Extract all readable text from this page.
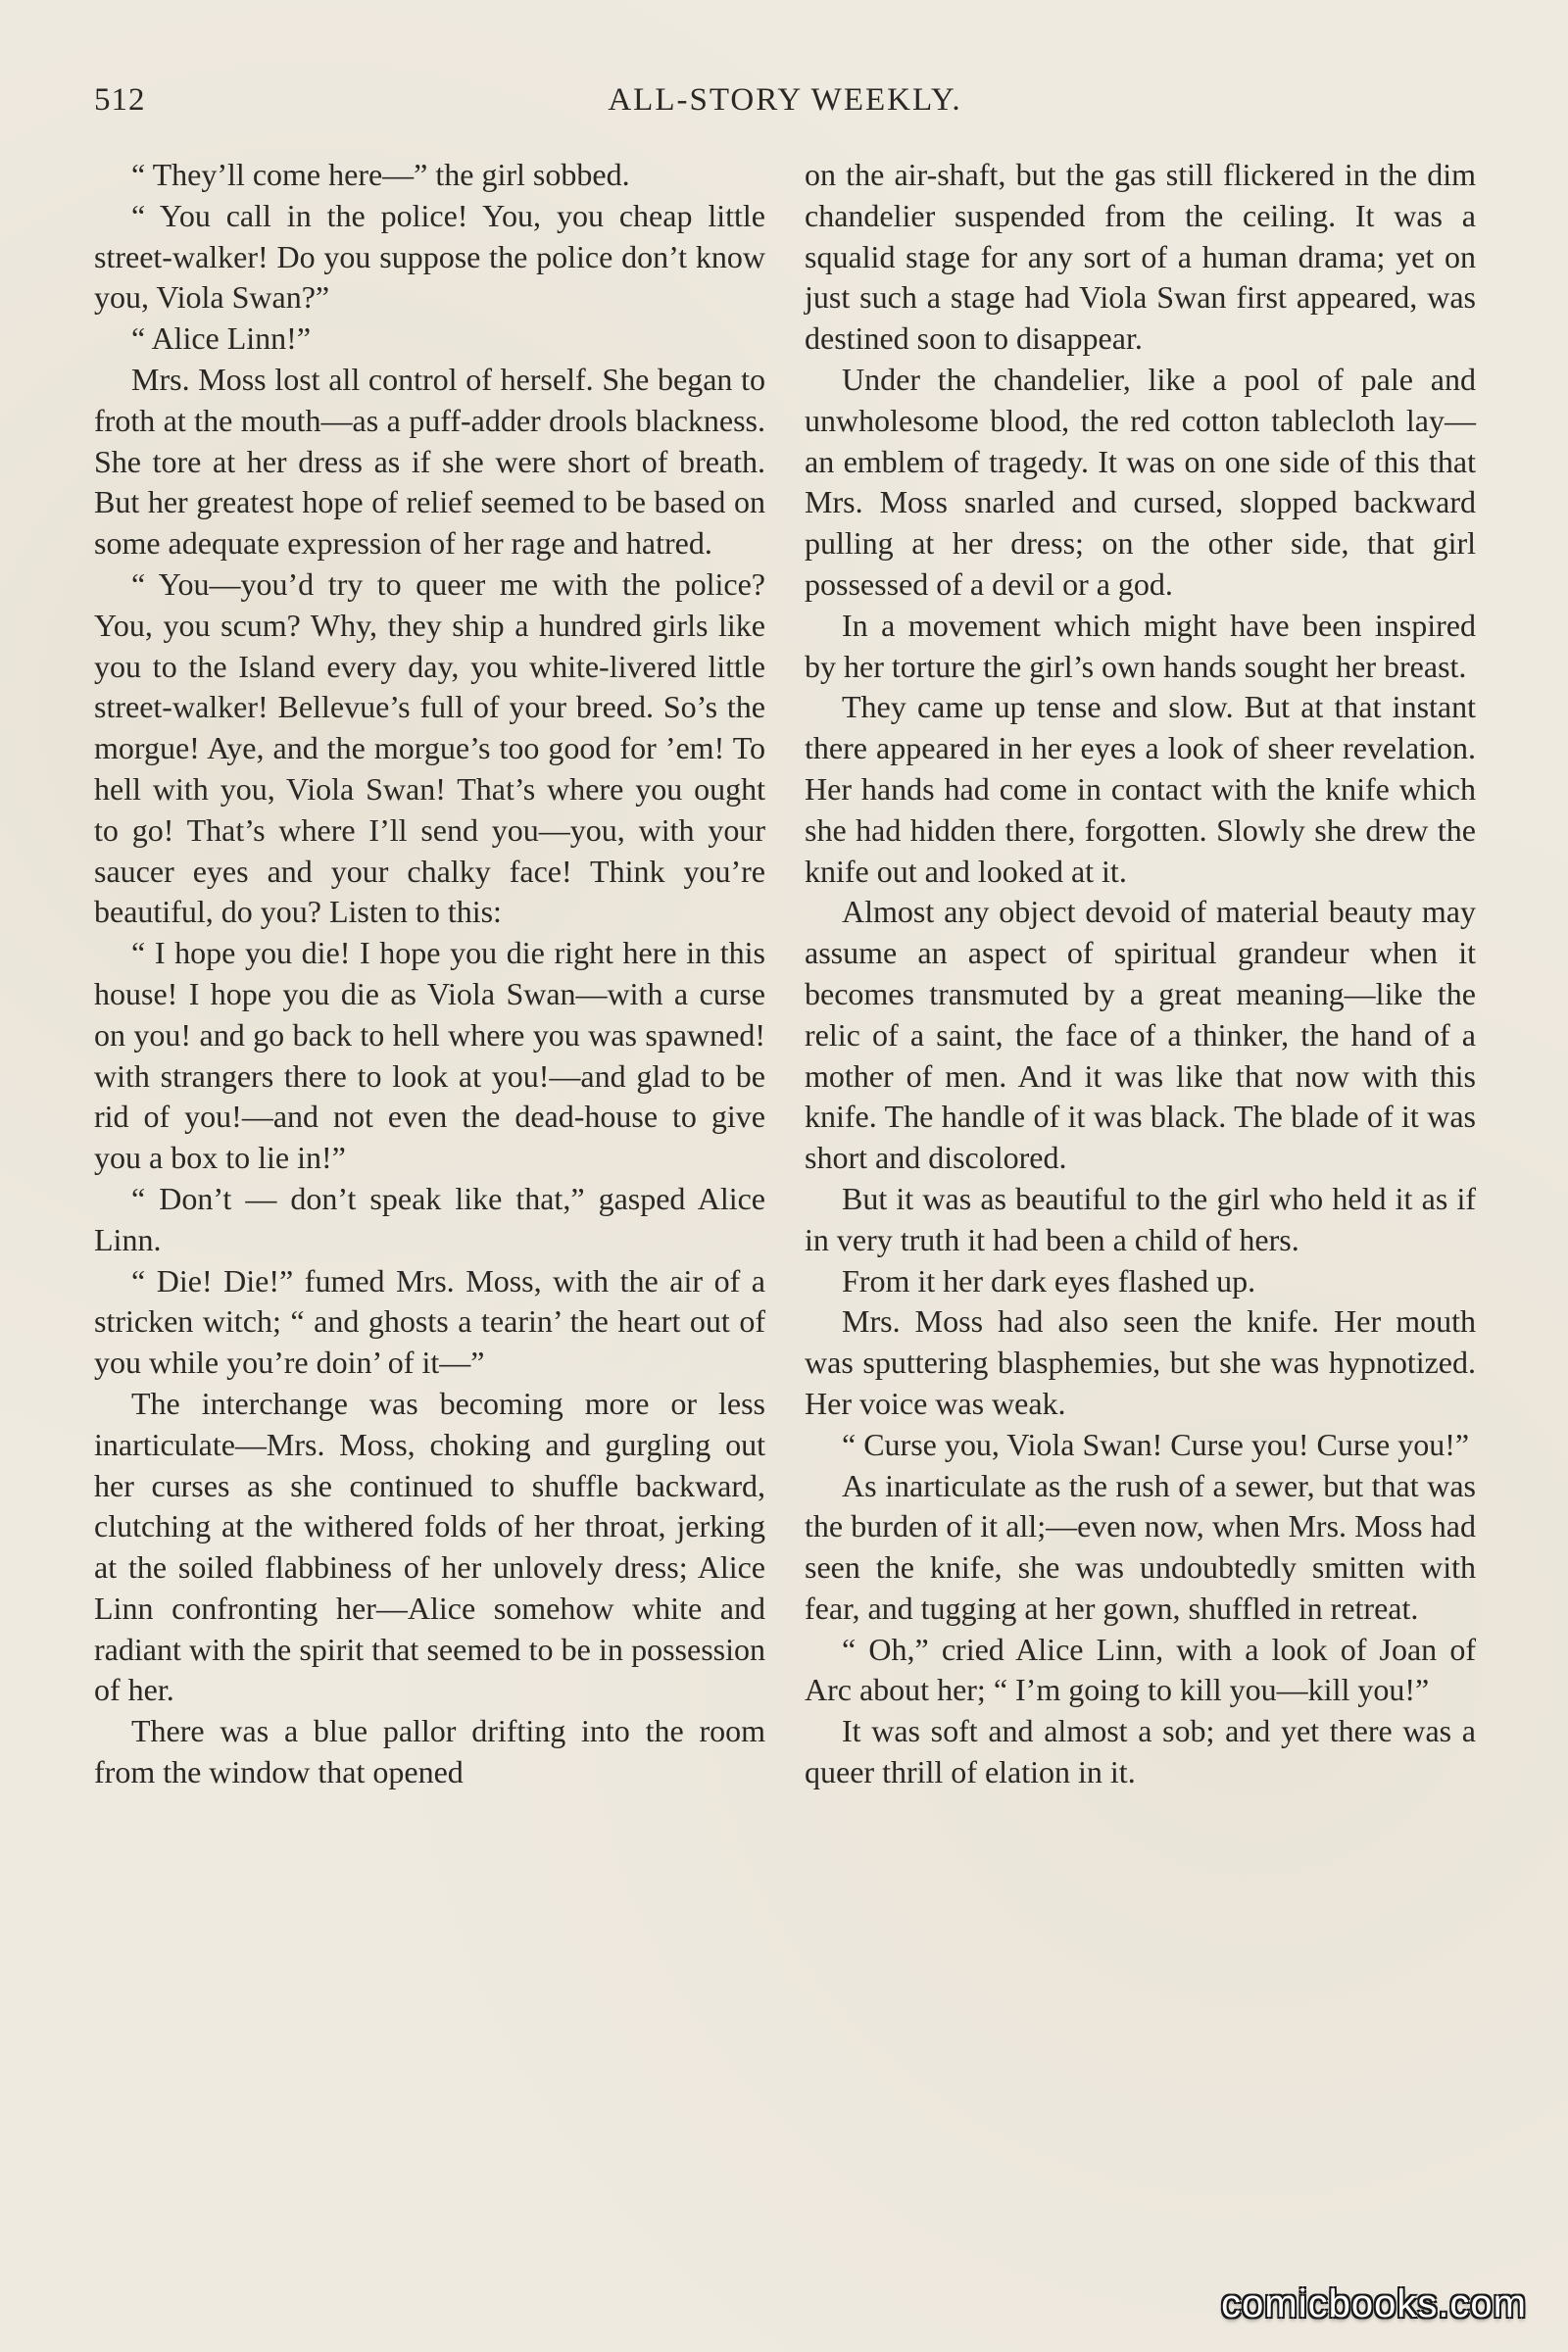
512	ALL-STORY WEEKLY.

“ They’ll come here—” the girl sobbed.

“ You call in the police! You, you cheap little street-walker! Do you suppose the police don’t know you, Viola Swan?”

“ Alice Linn!”

Mrs. Moss lost all control of herself. She began to froth at the mouth—as a puff-adder drools blackness. She tore at her dress as if she were short of breath. But her greatest hope of relief seemed to be based on some adequate expression of her rage and hatred.

“ You—you’d try to queer me with the police? You, you scum? Why, they ship a hundred girls like you to the Island every day, you white-livered little street-walker! Bellevue’s full of your breed. So’s the morgue! Aye, and the morgue’s too good for ’em! To hell with you, Viola Swan! That’s where you ought to go! That’s where I’ll send you—you, with your saucer eyes and your chalky face! Think you’re beautiful, do you? Listen to this:

“ I hope you die! I hope you die right here in this house! I hope you die as Viola Swan—with a curse on you! and go back to hell where you was spawned! with strangers there to look at you!—and glad to be rid of you!—and not even the dead-house to give you a box to lie in!”

“ Don’t — don’t speak like that,” gasped Alice Linn.

“ Die! Die!” fumed Mrs. Moss, with the air of a stricken witch; “ and ghosts a tearin’ the heart out of you while you’re doin’ of it—”

The interchange was becoming more or less inarticulate—Mrs. Moss, choking and gurgling out her curses as she continued to shuffle backward, clutching at the withered folds of her throat, jerking at the soiled flabbiness of her unlovely dress; Alice Linn confronting her—Alice somehow white and radiant with the spirit that seemed to be in possession of her.

There was a blue pallor drifting into the room from the window that opened

on the air-shaft, but the gas still flickered in the dim chandelier suspended from the ceiling. It was a squalid stage for any sort of a human drama; yet on just such a stage had Viola Swan first appeared, was destined soon to disappear.

Under the chandelier, like a pool of pale and unwholesome blood, the red cotton tablecloth lay—an emblem of tragedy. It was on one side of this that Mrs. Moss snarled and cursed, slopped backward pulling at her dress; on the other side, that girl possessed of a devil or a god.

In a movement which might have been inspired by her torture the girl’s own hands sought her breast.

They came up tense and slow. But at that instant there appeared in her eyes a look of sheer revelation. Her hands had come in contact with the knife which she had hidden there, forgotten. Slowly she drew the knife out and looked at it.

Almost any object devoid of material beauty may assume an aspect of spiritual grandeur when it becomes transmuted by a great meaning—like the relic of a saint, the face of a thinker, the hand of a mother of men. And it was like that now with this knife. The handle of it was black. The blade of it was short and discolored.

But it was as beautiful to the girl who held it as if in very truth it had been a child of hers.

From it her dark eyes flashed up.

Mrs. Moss had also seen the knife. Her mouth was sputtering blasphemies, but she was hypnotized. Her voice was weak.

“ Curse you, Viola Swan! Curse you! Curse you!”

As inarticulate as the rush of a sewer, but that was the burden of it all;—even now, when Mrs. Moss had seen the knife, she was undoubtedly smitten with fear, and tugging at her gown, shuffled in retreat.

“ Oh,” cried Alice Linn, with a look of Joan of Arc about her; “ I’m going to kill you—kill you!”

It was soft and almost a sob; and yet there was a queer thrill of elation in it.

comicbooks.com
